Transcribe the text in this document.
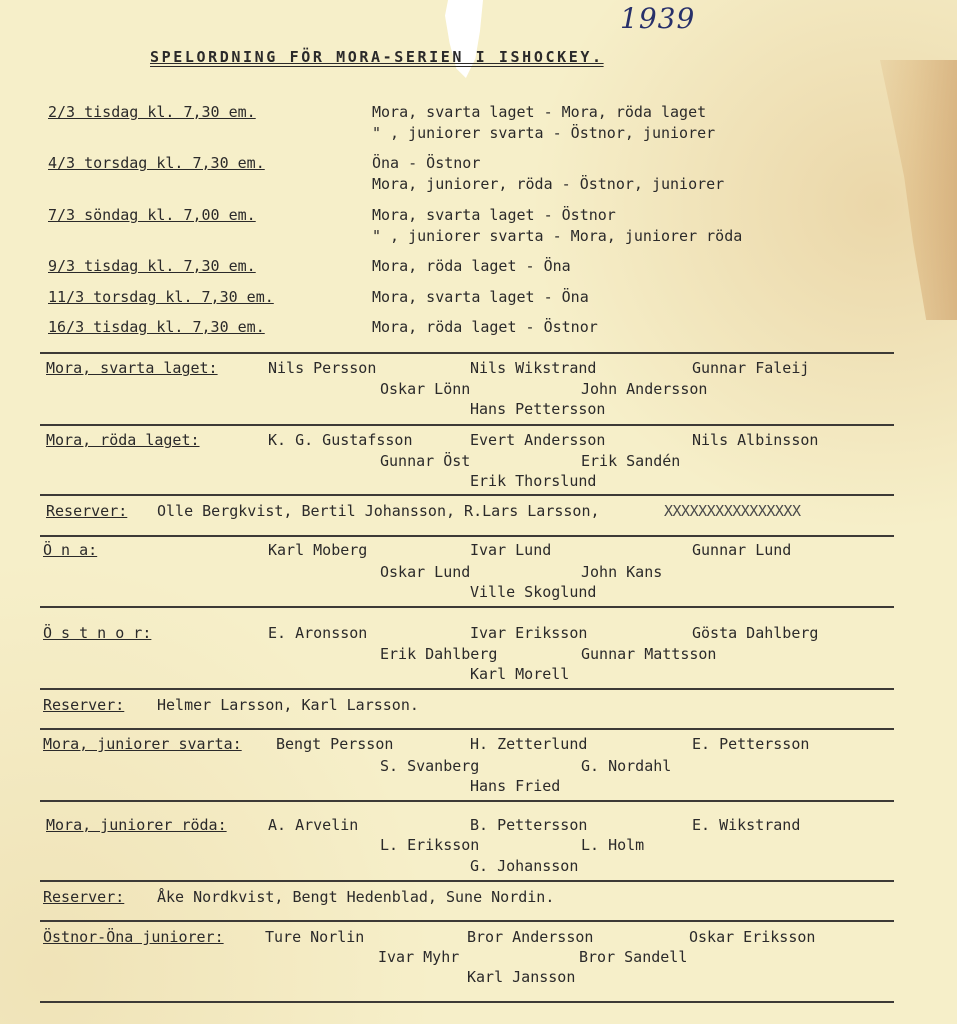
1939
SPELORDNING FÖR MORA-SERIEN I ISHOCKEY.
2/3 tisdag kl. 7,30 em.	Mora, svarta laget - Mora, röda laget
" , juniorer svarta - Östnor, juniorer
4/3 torsdag kl. 7,30 em.	Öna - Östnor
Mora, juniorer, röda - Östnor, juniorer
7/3 söndag kl. 7,00 em.	Mora, svarta laget - Östnor
" , juniorer svarta - Mora, juniorer röda
9/3 tisdag kl. 7,30 em.	Mora, röda laget - Öna
11/3 torsdag kl. 7,30 em.	Mora, svarta laget - Öna
16/3 tisdag kl. 7,30 em.	Mora, röda laget - Östnor
Mora, svarta laget:	Nils Persson	Nils Wikstrand	Gunnar Faleij
Oskar Lönn	John Andersson
Hans Pettersson
Mora, röda laget:	K. G. Gustafsson	Evert Andersson	Nils Albinsson
Gunnar Öst	Erik Sandén
Erik Thorslund
Reserver: Olle Bergkvist, Bertil Johansson, R.Lars Larsson,	XXXXXXXXXXXXXXXX
Ö n a:	Karl Moberg	Ivar Lund	Gunnar Lund
Oskar Lund	John Kans
Ville Skoglund
Ö s t n o r:	E. Aronsson	Ivar Eriksson	Gösta Dahlberg
Erik Dahlberg	Gunnar Mattsson
Karl Morell
Reserver: Helmer Larsson, Karl Larsson.
Mora, juniorer svarta: Bengt Persson	H. Zetterlund	E. Pettersson
S. Svanberg	G. Nordahl
Hans Fried
Mora, juniorer röda:	A. Arvelin	B. Pettersson	E. Wikstrand
L. Eriksson	L. Holm
G. Johansson
Reserver: Åke Nordkvist, Bengt Hedenblad, Sune Nordin.
Östnor-Öna juniorer:	Ture Norlin	Bror Andersson	Oskar Eriksson
Ivar Myhr	Bror Sandell
Karl Jansson
